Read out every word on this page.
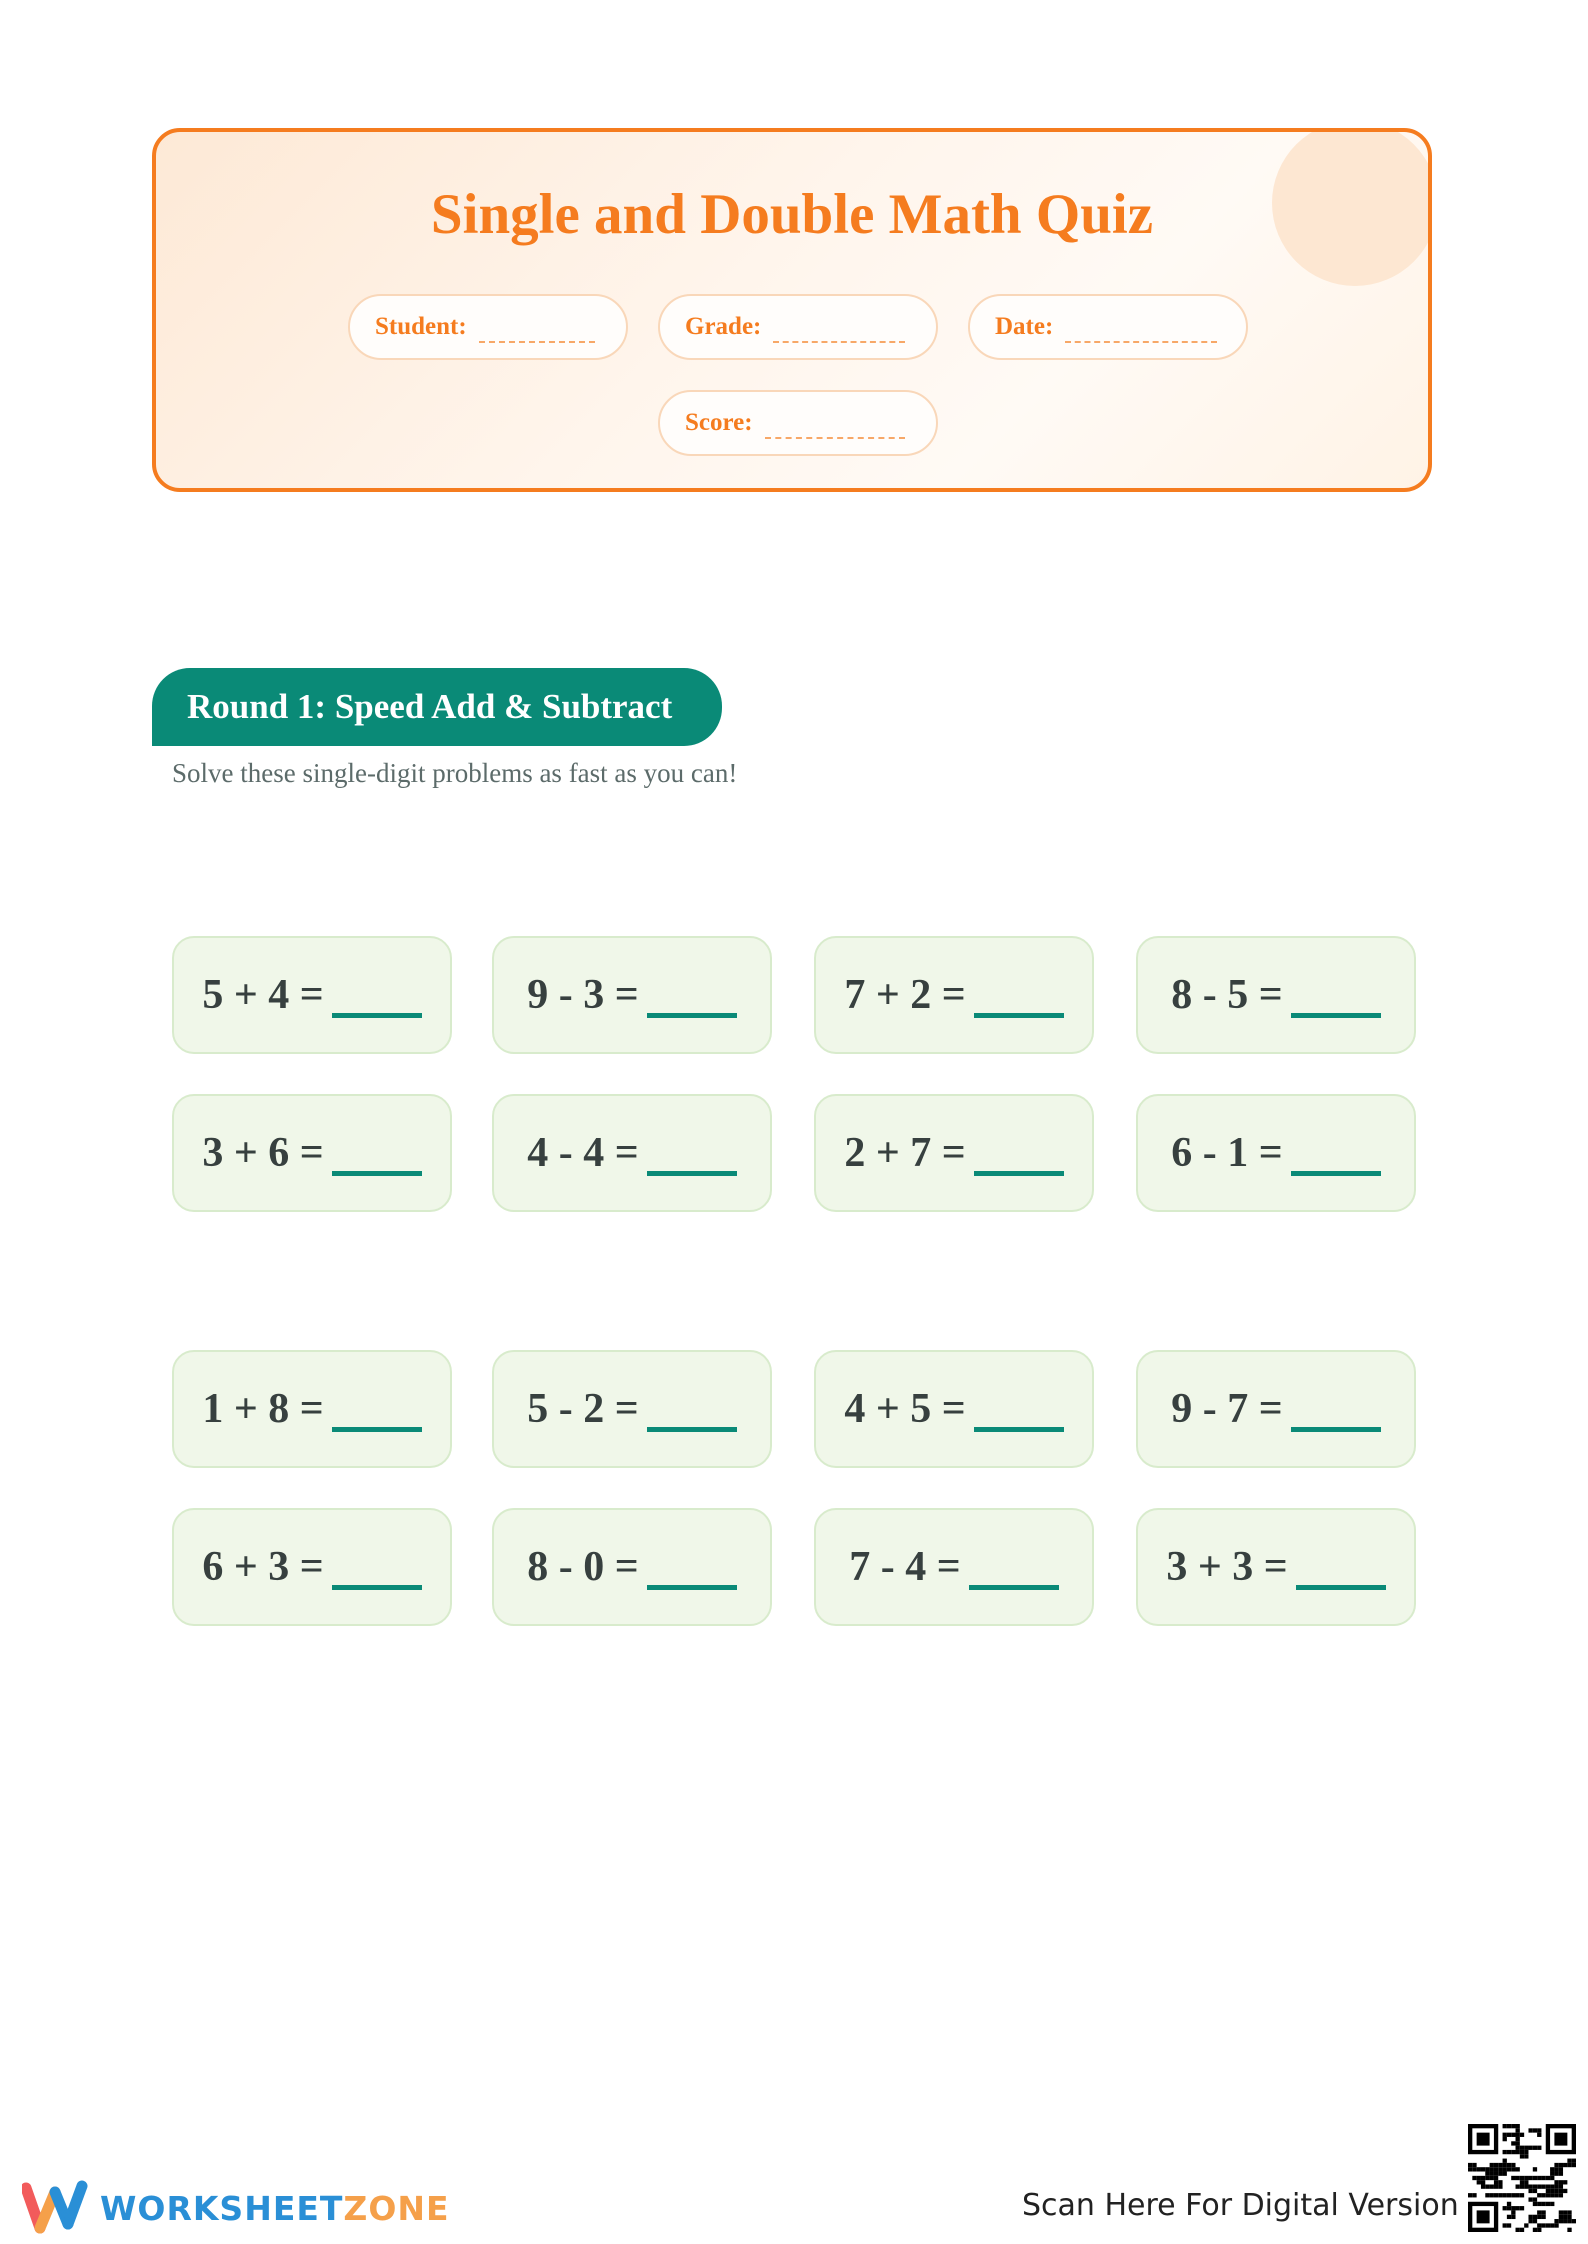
Single and Double Math Quiz
Student:	Grade:	Date:
Score:
Round 1: Speed Add & Subtract
Solve these single-digit problems as fast as you can!
5 + 4 =	9 - 3 =	7 + 2 =	8 - 5 =
3 + 6 =	4 - 4 =	2 + 7 =	6 - 1 =
1 + 8 =	5 - 2 =	4 + 5 =	9 - 7 =
6 + 3 =	8 - 0 =	7 - 4 =	3 + 3 =
WORKSHEETZONE	Scan Here For Digital Version
